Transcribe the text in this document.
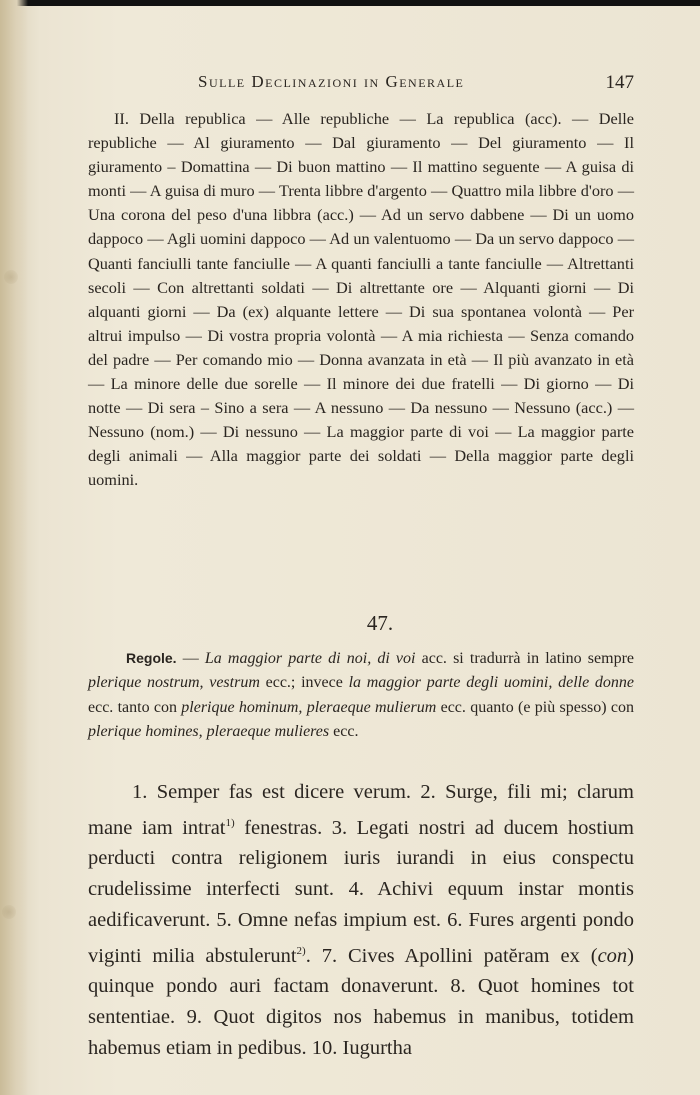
Sulle Declinazioni in Generale	147
II. Della republica — Alle republiche — La republica (acc). — Delle republiche — Al giuramento — Dal giuramento — Del giuramento — Il giuramento – Domattina — Di buon mattino — Il mattino seguente — A guisa di monti — A guisa di muro — Trenta libbre d'argento — Quattro mila libbre d'oro — Una corona del peso d'una libbra (acc.) — Ad un servo dabbene — Di un uomo dappoco — Agli uomini dappoco — Ad un valentuomo — Da un servo dappoco — Quanti fanciulli tante fanciulle — A quanti fanciulli a tante fanciulle — Altrettanti secoli — Con altrettanti soldati — Di altrettante ore — Alquanti giorni — Di alquanti giorni — Da (ex) alquante lettere — Di sua spontanea volontà — Per altrui impulso — Di vostra propria volontà — A mia richiesta — Senza comando del padre — Per comando mio — Donna avanzata in età — Il più avanzato in età — La minore delle due sorelle — Il minore dei due fratelli — Di giorno — Di notte — Di sera – Sino a sera — A nessuno — Da nessuno — Nessuno (acc.) — Nessuno (nom.) — Di nessuno — La maggior parte di voi — La maggior parte degli animali — Alla maggior parte dei soldati — Della maggior parte degli uomini.
47.
Regole. — La maggior parte di noi, di voi acc. si tradurrà in latino sempre plerique nostrum, vestrum ecc.; invece la maggior parte degli uomini, delle donne ecc. tanto con plerique hominum, pleraeque mulierum ecc. quanto (e più spesso) con plerique homines, pleraeque mulieres ecc.
1. Semper fas est dicere verum. 2. Surge, fili mi; clarum mane iam intrat$^{1)}$ fenestras. 3. Legati nostri ad ducem hostium perducti contra religionem iuris iurandi in eius conspectu crudelissime interfecti sunt. 4. Achivi equum instar montis aedificaverunt. 5. Omne nefas impium est. 6. Fures argenti pondo viginti milia abstulerunt$^{2)}$. 7. Cives Apollini patĕram ex (con) quinque pondo auri factam donaverunt. 8. Quot homines tot sententiae. 9. Quot digitos nos habemus in manibus, totidem habemus etiam in pedibus. 10. Iugurtha
